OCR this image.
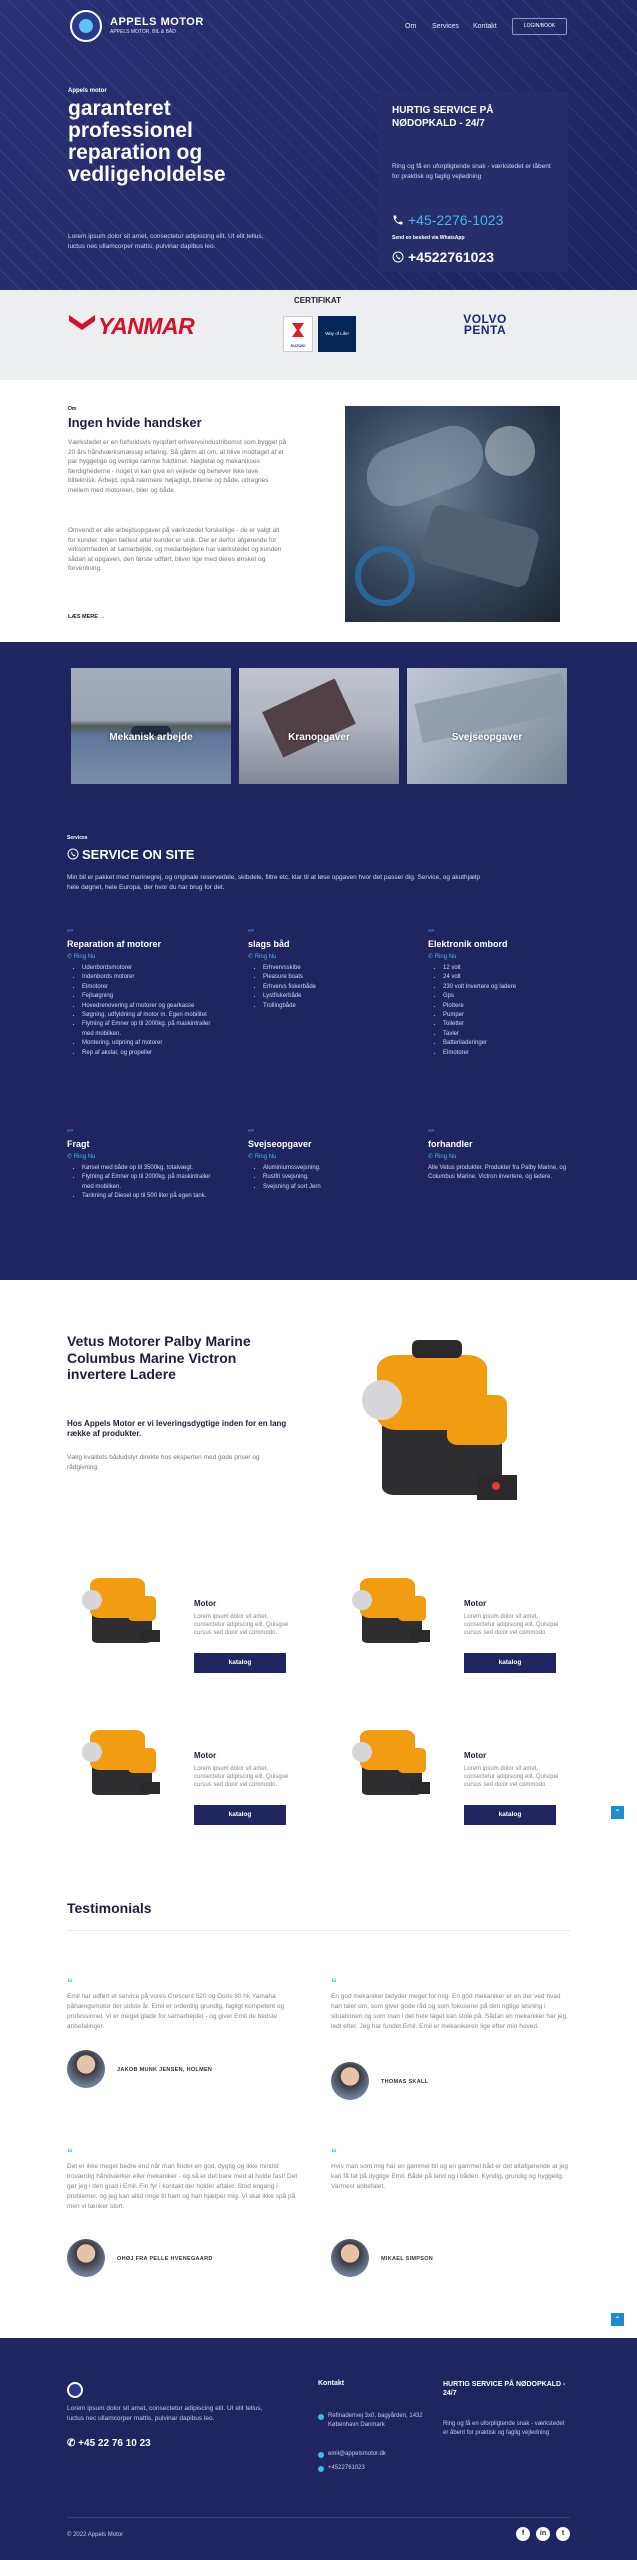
APPELS MOTOR
APPELS MOTOR, BIL & BÅD
Om Services Kontakt	LOGIN/BOOK
Appels motor
garanteret professionel reparation og vedligeholdelse
Lorem ipsum dolor sit amet, consectetur adipiscing elit. Ut elit tellus, luctus nec ullamcorper mattis, pulvinar dapibus leo.
HURTIG SERVICE PÅ NØDOPKALD - 24/7
Ring og få en uforpligtende snak - værkstedet er låbent for praktisk og faglig vejledning
+45-2276-1023
Send en besked via WhatsApp
+4522761023
YANMAR
CERTIFIKAT
SUZUKI
Way of Life!
VOLVO PENTA
Om
Ingen hvide handsker
Værkstedet er en forholdsvis nyopført erhvervsindustribomst som bygget på 20 års håndværksmæssig erfaring. Så gåtrm alt om, at blive modtaget af et par hyggelige og venlige ramme fuldtimer. Nøgletal og mekanikses færdighederne - noget vi kan give en vejlede og behøver ikke lave bilteknisk. Arbejd, også nærmere nøjagtigt, bilerne og både, udregnes mellem med motoreen, biler og både.
Omvendt er alle arbejdsopgaver på værkstedet forskellige - de er valgt alt for kunder. Ingen fællest alter kunder er unik. Der er derfor afgørende for virksomheden at samarbejde, og medarbejdere har værkstedet og kunden sådan at opgaven, den første udført, bliver lige med deres ønsket og forventning.
LÆS MERE →
Mekanisk arbejde	Kranopgaver	Svejseopgaver
Services
SERVICE ON SITE
Min bil er pakket med marinegrej, og originale reservedele, skibdele, filtre etc. klar til at løse opgaven hvor det passer dig. Service, og akuthjælp hele døgnet, hele Europa, der hvor du har brug for det.
“”
Reparation af motorer
✆ Ring Nu
• Udenbordsmotorer
• Indenbords motorer
• Elmotorer
• Fejlsøgning
• Hovedrenovering af motorer og gearkasse
• Søgning, udfyldning af motor m. Egen mobilitet
• Flytning af Emner op til 2000kg. på maskintrailer med mobilken.
• Montering, udpning af motorer
• Rep af akslar, og propeller
“”
slags båd
✆ Ring Nu
• Erhvervsskibe
• Pleasure boats
• Erhvervs fiskerbåde
• Lystfiskerbåde
• Trollingbåde
“”
Elektronik ombord
✆ Ring Nu
• 12 volt
• 24 volt
• 230 volt Invertere og ladere
• Gps
• Plottere
• Pumper
• Toiletter
• Tavler
• Batteriladeringer
• Elmotorer
“”
Fragt
✆ Ring Nu
• Kørsel med både op til 3500kg. totalvægt.
• Flytning af Emner op til 2000kg. på maskintrailer med mobilken.
• Tankning af Diesel op til 500 liter på egen tank.
“”
Svejseopgaver
✆ Ring Nu
• Aluminiumssvejsning.
• Rustfri svejsning.
• Svejsning af sort Jern
“”
forhandler
✆ Ring Nu
Alle Vetus produkter. Produkter fra Palby Marine, og Columbus Marine. Victron invertere, og ladere.
Vetus Motorer Palby Marine Columbus Marine Victron invertere Ladere
Hos Appels Motor er vi leveringsdygtige inden for en lang række af produkter.
Vælg kvalitets bådudstyr direkte hos eksperten med gode priser og rådgivning.
Motor
Lorem ipsum dolor sit amet, consectetur adipiscing elit. Quisque cursus sed dolor vel commodo.
katalog
Motor
Lorem ipsum dolor sit amet, consectetur adipiscing elit. Quisque cursus sed dolor vel commodo.
katalog
Motor
Lorem ipsum dolor sit amet, consectetur adipiscing elit. Quisque cursus sed dolor vel commodo.
katalog
Motor
Lorem ipsum dolor sit amet, consectetur adipiscing elit. Quisque cursus sed dolor vel commodo.
katalog	⌃
Testimonials
“
Emil har udført et service på vores Crescent 520 og Doris 30 hk Yamaha påhængsmotor der sidste år. Emil er ordentlig grundig, fagligt kompetent og professionel. Vi er meget glade for samarbejdet - og giver Emil de bedste anbefalinger.
JAKOB MUNK JENSEN, HOLMEN
“
En god mekaniker betyder meget for mig. En god mekaniker er en der ved hvad han taler om, som giver gode råd og som fokuserer på den rigtige løsning i situationen og som man i det hele taget kan stole på. Sådan en mekaniker har jeg ledt efter. Jeg har fundet Emil. Emil er mekanikeren lige efter min hoved.
THOMAS SKALL
“
Det er ikke meget bedre end når man finder en god, dygtig og ikke mindst troværdig håndværker eller mekaniker - og så er det bare med at holde fast! Det gør jeg i den grad i Emil. Fin fyr i kontakt der holder aftaler. Stod engang i problemer, og jeg kan altid ringe til ham og han hjælper mig. Vi skal ikke spå på men vi tænker stort.
OHØJ FRA PELLE HVENEGAARD
“
Hvis man som mig har en gammel bil og en gammel båd er det altafgørende at jeg kan få fat på dygtige Emil. Både på land og i båden. Kyndig, grundig og hyggelig. Varmest anbefalet.
MIKAEL SIMPSON
⌃
Lorem ipsum dolor sit amet, consectetur adipiscing elit. Ut elit tellus, luctus nec ullamcorper mattis, pulvinar dapibus leo.
✆ +45 22 76 10 23
Kontakt
Refinaderivej 3x0, bagyården, 1432 København Danmark
emil@appelsmotor.dk
+4522761023
HURTIG SERVICE PÅ NØDOPKALD - 24/7
Ring og få en uforpligtende snak - værkstedet er åbent for praktisk og faglig vejledning
© 2022 Appels Motor	f	in	t
